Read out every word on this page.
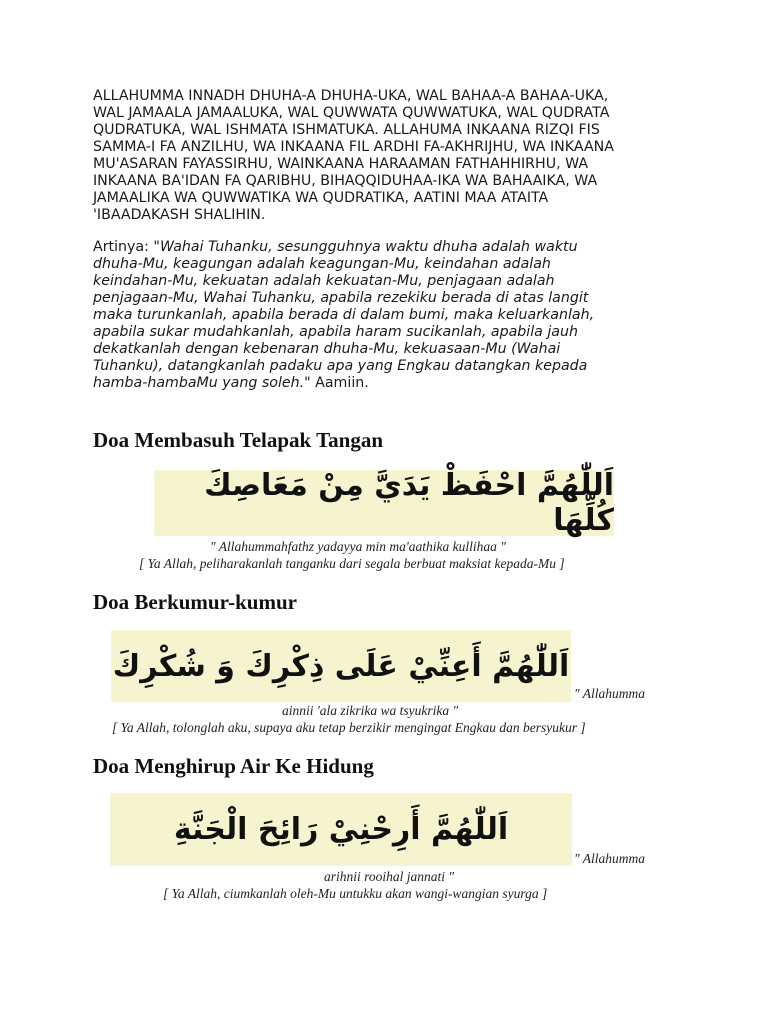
ALLAHUMMA INNADH DHUHA-A DHUHA-UKA, WAL BAHAA-A BAHAA-UKA,
WAL JAMAALA JAMAALUKA, WAL QUWWATA QUWWATUKA, WAL QUDRATA
QUDRATUKA, WAL ISHMATA ISHMATUKA. ALLAHUMA INKAANA RIZQI FIS
SAMMA-I FA ANZILHU, WA INKAANA FIL ARDHI FA-AKHRIJHU, WA INKAANA
MU'ASARAN FAYASSIRHU, WAINKAANA HARAAMAN FATHAHHIRHU, WA
INKAANA BA'IDAN FA QARIBHU, BIHAQQIDUHAA-IKA WA BAHAAIKA, WA
JAMAALIKA WA QUWWATIKA WA QUDRATIKA, AATINI MAA ATAITA
'IBAADAKASH SHALIHIN.
Artinya: "Wahai Tuhanku, sesungguhnya waktu dhuha adalah waktu
dhuha-Mu, keagungan adalah keagungan-Mu, keindahan adalah
keindahan-Mu, kekuatan adalah kekuatan-Mu, penjagaan adalah
penjagaan-Mu, Wahai Tuhanku, apabila rezekiku berada di atas langit
maka turunkanlah, apabila berada di dalam bumi, maka keluarkanlah,
apabila sukar mudahkanlah, apabila haram sucikanlah, apabila jauh
dekatkanlah dengan kebenaran dhuha-Mu, kekuasaan-Mu (Wahai
Tuhanku), datangkanlah padaku apa yang Engkau datangkan kepada
hamba-hambaMu yang soleh." Aamiin.
Doa Membasuh Telapak Tangan
اَللّٰهُمَّ احْفَظْ يَدَيَّ مِنْ مَعَاصِكَ كُلِّهَا
" Allahummahfathz yadayya min ma'aathika kullihaa "
[ Ya Allah, peliharakanlah tanganku dari segala berbuat maksiat kepada-Mu ]
Doa Berkumur-kumur
اَللّٰهُمَّ أَعِنِّيْ عَلَى ذِكْرِكَ وَ شُكْرِكَ
" Allahumma
ainnii 'ala zikrika wa tsyukrika "
[ Ya Allah, tolonglah aku, supaya aku tetap berzikir mengingat Engkau dan bersyukur ]
Doa Menghirup Air Ke Hidung
اَللّٰهُمَّ أَرِحْنِيْ رَائِحَ الْجَنَّةِ
" Allahumma
arihnii rooihal jannati "
[ Ya Allah, ciumkanlah oleh-Mu untukku akan wangi-wangian syurga ]
